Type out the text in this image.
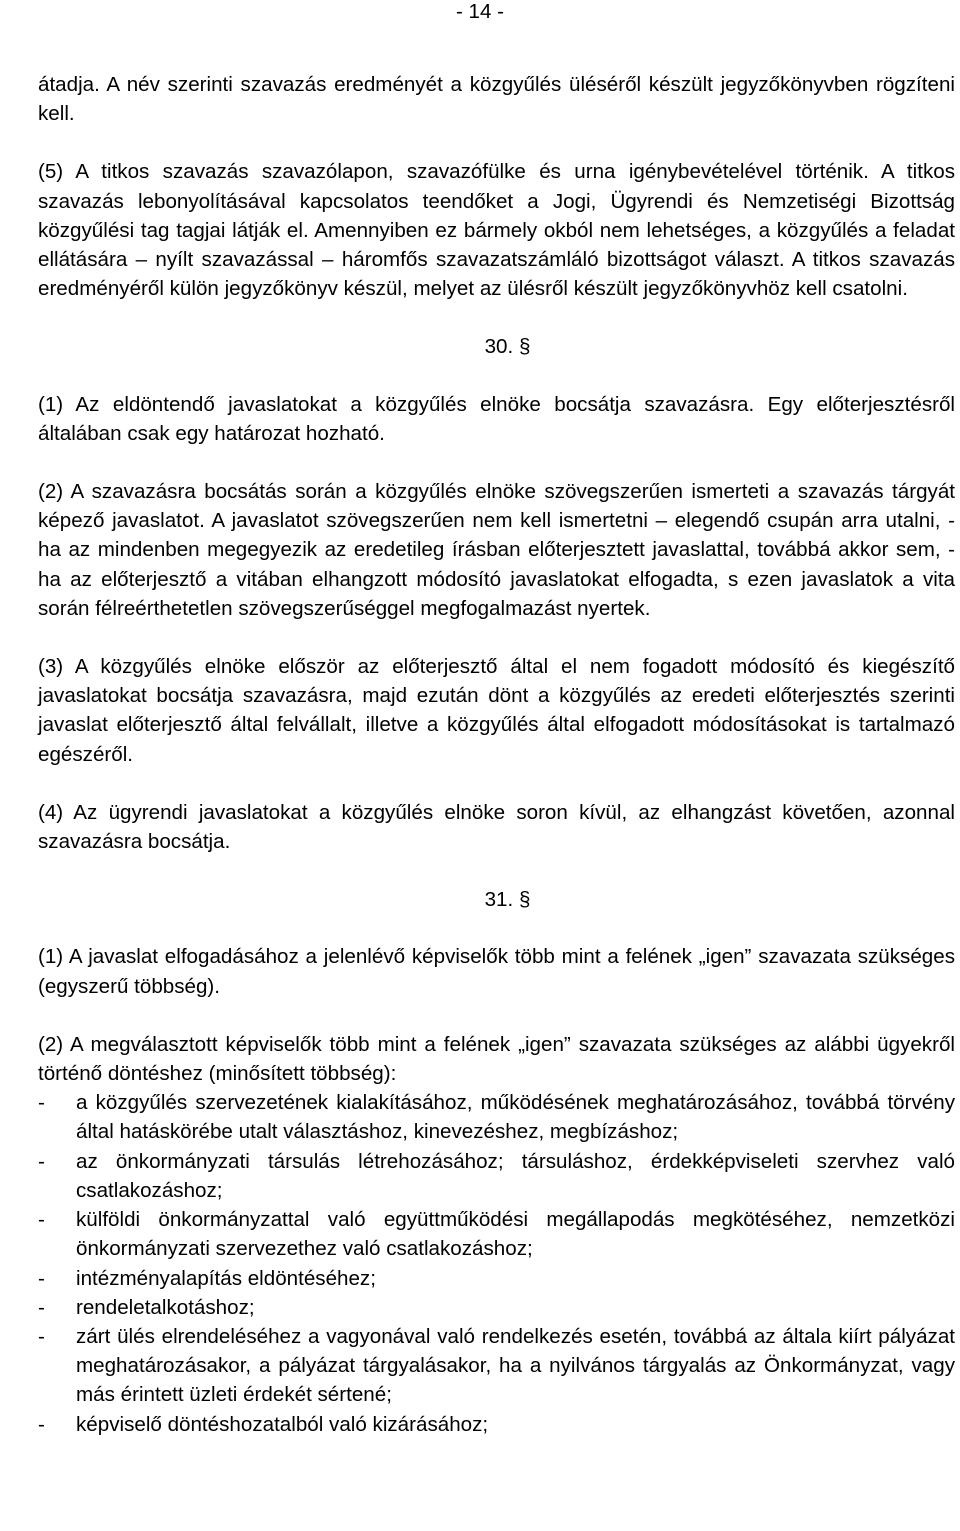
- 14 -

átadja. A név szerinti szavazás eredményét a közgyűlés üléséről készült jegyzőkönyvben rögzíteni kell.

(5) A titkos szavazás szavazólapon, szavazófülke és urna igénybevételével történik. A titkos szavazás lebonyolításával kapcsolatos teendőket a Jogi, Ügyrendi és Nemzetiségi Bizottság közgyűlési tag tagjai látják el. Amennyiben ez bármely okból nem lehetséges, a közgyűlés a feladat ellátására – nyílt szavazással – háromfős szavazatszámláló bizottságot választ. A titkos szavazás eredményéről külön jegyzőkönyv készül, melyet az ülésről készült jegyzőkönyvhöz kell csatolni.

30. §

(1) Az eldöntendő javaslatokat a közgyűlés elnöke bocsátja szavazásra. Egy előterjesztésről általában csak egy határozat hozható.

(2) A szavazásra bocsátás során a közgyűlés elnöke szövegszerűen ismerteti a szavazás tárgyát képező javaslatot. A javaslatot szövegszerűen nem kell ismertetni – elegendő csupán arra utalni, - ha az mindenben megegyezik az eredetileg írásban előterjesztett javaslattal, továbbá akkor sem, - ha az előterjesztő a vitában elhangzott módosító javaslatokat elfogadta, s ezen javaslatok a vita során félreérthetetlen szövegszerűséggel megfogalmazást nyertek.

(3) A közgyűlés elnöke először az előterjesztő által el nem fogadott módosító és kiegészítő javaslatokat bocsátja szavazásra, majd ezután dönt a közgyűlés az eredeti előterjesztés szerinti javaslat előterjesztő által felvállalt, illetve a közgyűlés által elfogadott módosításokat is tartalmazó egészéről.

(4) Az ügyrendi javaslatokat a közgyűlés elnöke soron kívül, az elhangzást követően, azonnal szavazásra bocsátja.

31. §

(1) A javaslat elfogadásához a jelenlévő képviselők több mint a felének „igen” szavazata szükséges (egyszerű többség).

(2) A megválasztott képviselők több mint a felének „igen” szavazata szükséges az alábbi ügyekről történő döntéshez (minősített többség):

- a közgyűlés szervezetének kialakításához, működésének meghatározásához, továbbá törvény által hatáskörébe utalt választáshoz, kinevezéshez, megbízáshoz;
- az önkormányzati társulás létrehozásához; társuláshoz, érdekképviseleti szervhez való csatlakozáshoz;
- külföldi önkormányzattal való együttműködési megállapodás megkötéséhez, nemzetközi önkormányzati szervezethez való csatlakozáshoz;
- intézményalapítás eldöntéséhez;
- rendeletalkotáshoz;
- zárt ülés elrendeléséhez a vagyonával való rendelkezés esetén, továbbá az általa kiírt pályázat meghatározásakor, a pályázat tárgyalásakor, ha a nyilvános tárgyalás az Önkormányzat, vagy más érintett üzleti érdekét sértené;
- képviselő döntéshozatalból való kizárásához;
